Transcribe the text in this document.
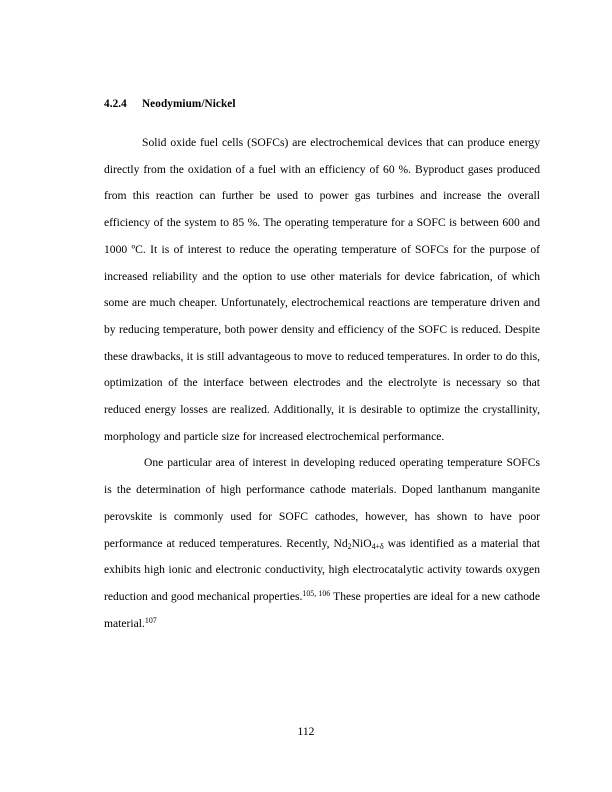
4.2.4 Neodymium/Nickel

Solid oxide fuel cells (SOFCs) are electrochemical devices that can produce energy directly from the oxidation of a fuel with an efficiency of 60 %. Byproduct gases produced from this reaction can further be used to power gas turbines and increase the overall efficiency of the system to 85 %. The operating temperature for a SOFC is between 600 and 1000 ºC. It is of interest to reduce the operating temperature of SOFCs for the purpose of increased reliability and the option to use other materials for device fabrication, of which some are much cheaper. Unfortunately, electrochemical reactions are temperature driven and by reducing temperature, both power density and efficiency of the SOFC is reduced. Despite these drawbacks, it is still advantageous to move to reduced temperatures. In order to do this, optimization of the interface between electrodes and the electrolyte is necessary so that reduced energy losses are realized. Additionally, it is desirable to optimize the crystallinity, morphology and particle size for increased electrochemical performance.

One particular area of interest in developing reduced operating temperature SOFCs is the determination of high performance cathode materials. Doped lanthanum manganite perovskite is commonly used for SOFC cathodes, however, has shown to have poor performance at reduced temperatures. Recently, $Nd_2NiO_{4+\delta}$ was identified as a material that exhibits high ionic and electronic conductivity, high electrocatalytic activity towards oxygen reduction and good mechanical properties.$^{105, 106}$ These properties are ideal for a new cathode material.$^{107}$

112
